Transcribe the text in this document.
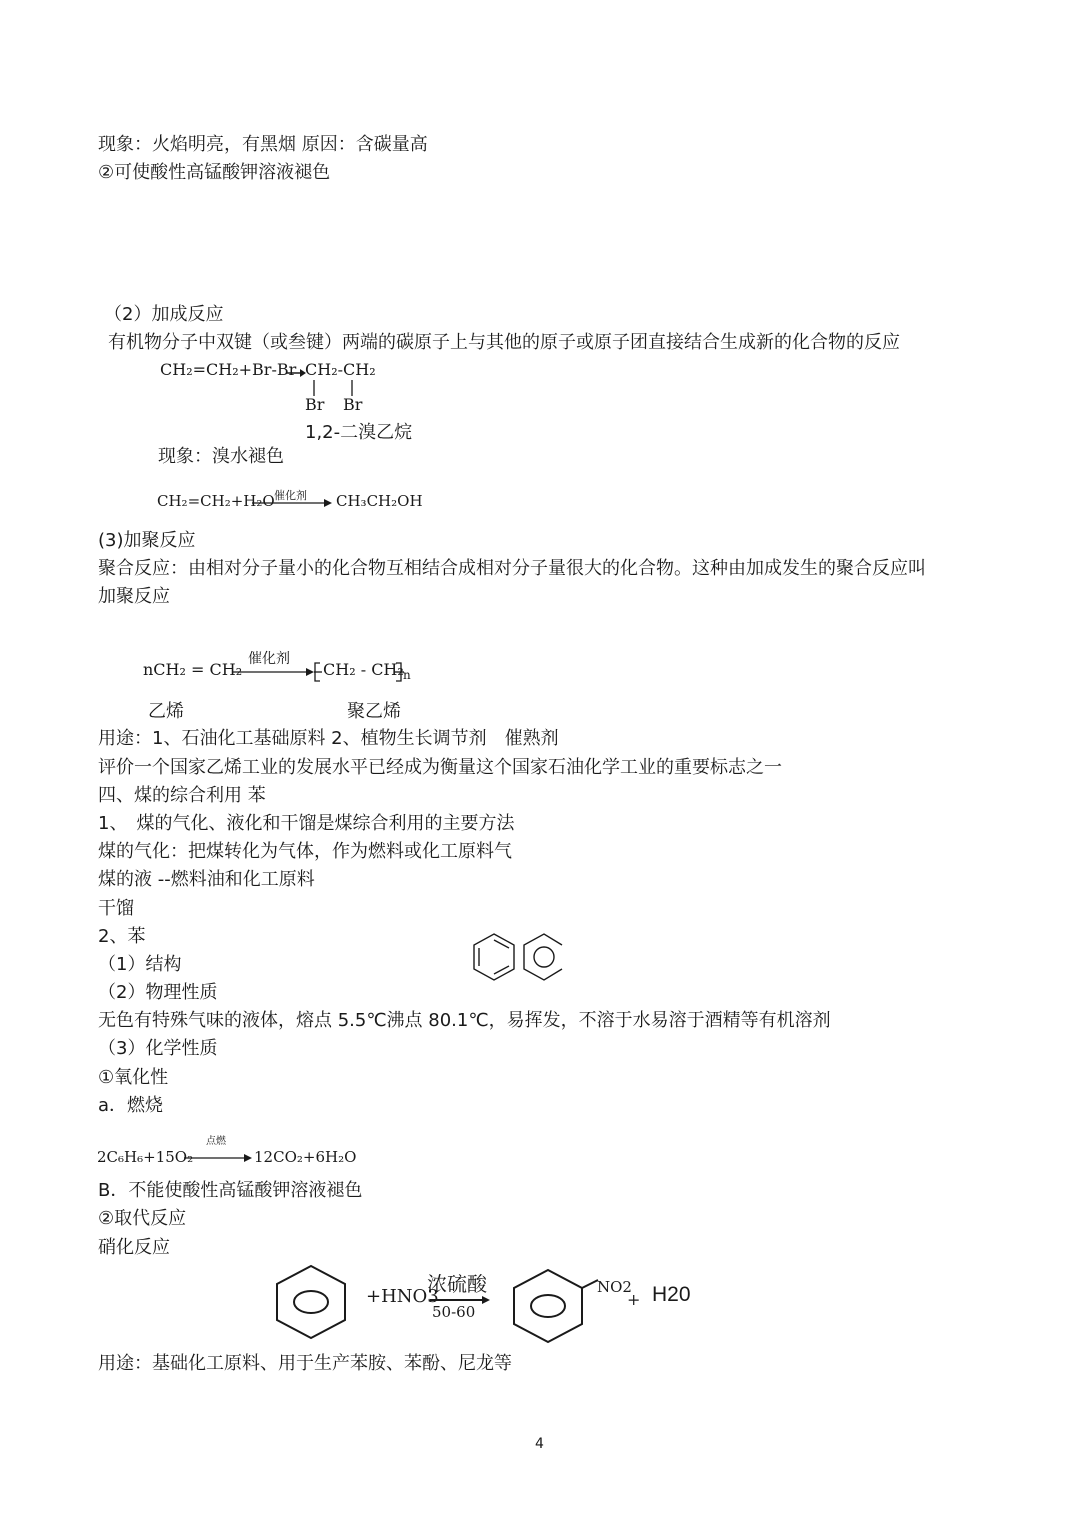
现象：火焰明亮，有黑烟 原因：含碳量高
②可使酸性高锰酸钾溶液褪色
（2）加成反应
有机物分子中双键（或叁键）两端的碳原子上与其他的原子或原子团直接结合生成新的化合物的反应
CH₂=CH₂+Br-Br CH₂-CH₂
Br Br
1,2-二溴乙烷
现象：溴水褪色
CH₂=CH₂+H₂O 催化剂 CH₃CH₂OH
(3)加聚反应
聚合反应：由相对分子量小的化合物互相结合成相对分子量很大的化合物。这种由加成发生的聚合反应叫
加聚反应
nCH₂ = CH₂
催化剂
CH₂ - CH₂ n
乙烯	聚乙烯
用途：1、石油化工基础原料 2、植物生长调节剂　催熟剂
评价一个国家乙烯工业的发展水平已经成为衡量这个国家石油化学工业的重要标志之一
四、煤的综合利用 苯
1、　煤的气化、液化和干馏是煤综合利用的主要方法
煤的气化：把煤转化为气体，作为燃料或化工原料气
煤的液 --燃料油和化工原料
干馏
2、苯
（1）结构
（2）物理性质
无色有特殊气味的液体，熔点 5.5℃沸点 80.1℃，易挥发，不溶于水易溶于酒精等有机溶剂
（3）化学性质
①氧化性
a．燃烧
点燃
2C₆H₆+15O₂	12CO₂+6H₂O
B．不能使酸性高锰酸钾溶液褪色
②取代反应
硝化反应
+HNO3
浓硫酸
50-60
NO2
+ H20
用途：基础化工原料、用于生产苯胺、苯酚、尼龙等
4
